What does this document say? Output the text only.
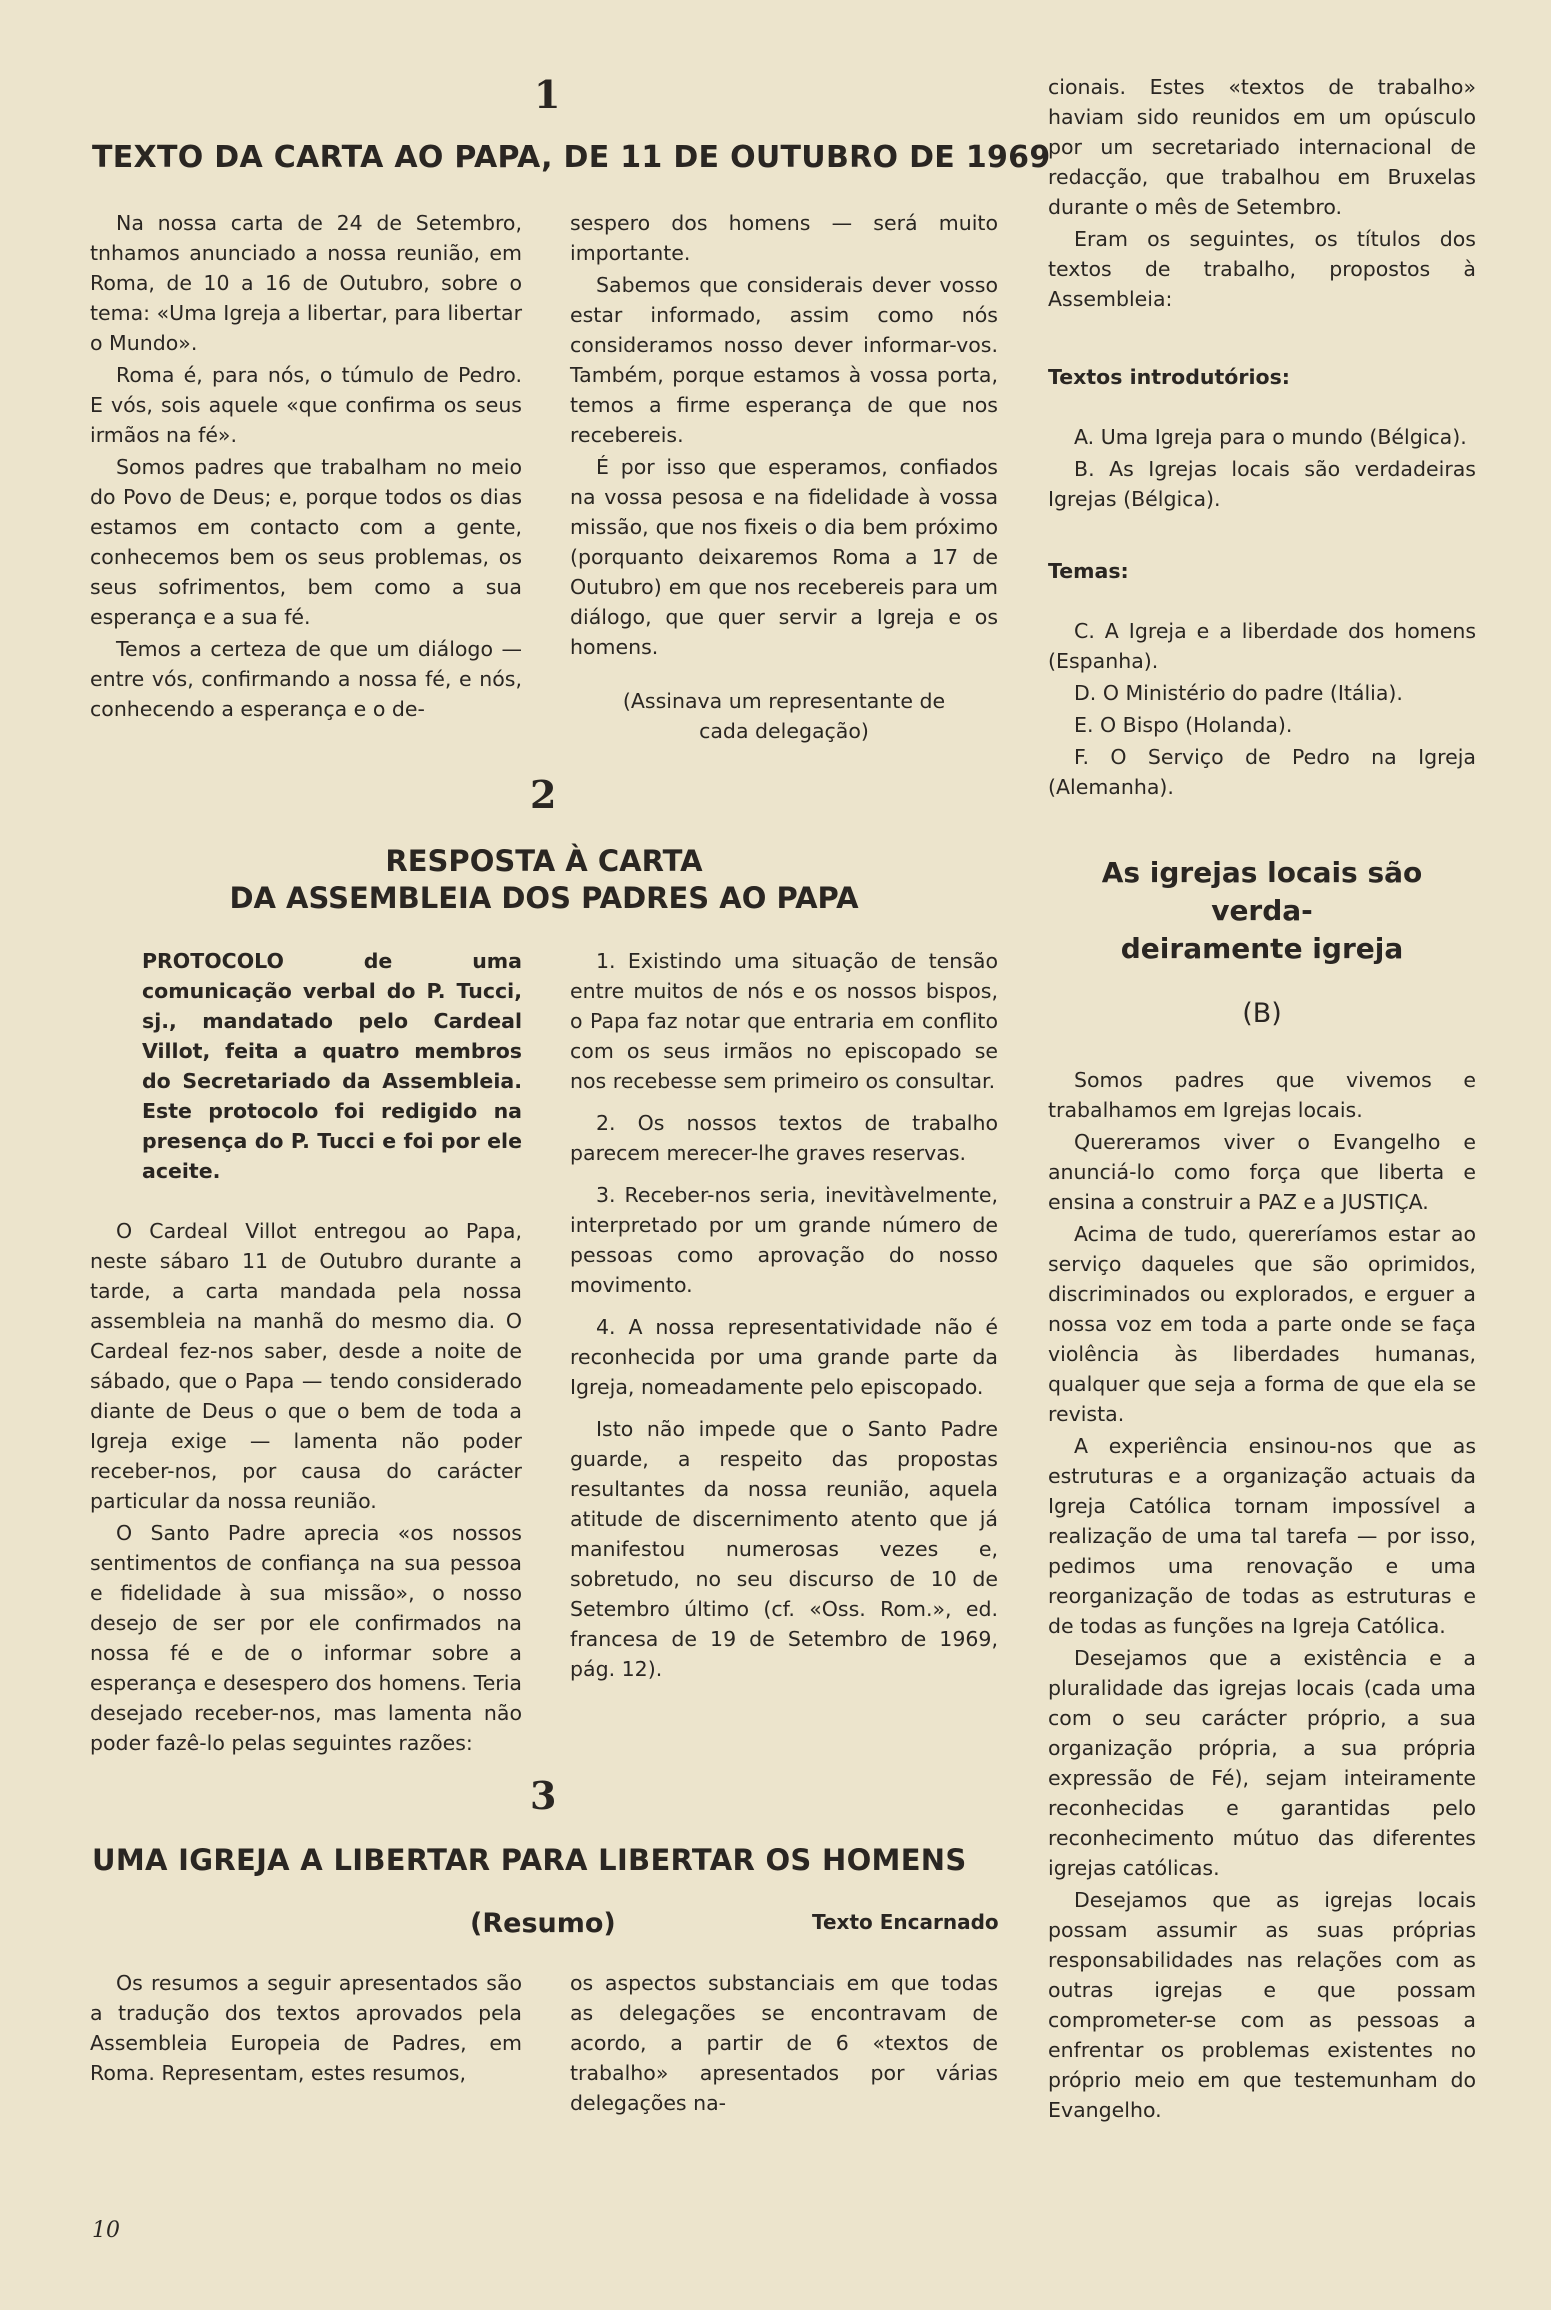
1
TEXTO DA CARTA AO PAPA, DE 11 DE OUTUBRO DE 1969

Na nossa carta de 24 de Setembro, tnhamos anunciado a nossa reunião, em Roma, de 10 a 16 de Outubro, sobre o tema: «Uma Igreja a libertar, para libertar o Mundo».

Roma é, para nós, o túmulo de Pedro. E vós, sois aquele «que confirma os seus irmãos na fé».

Somos padres que trabalham no meio do Povo de Deus; e, porque todos os dias estamos em contacto com a gente, conhecemos bem os seus problemas, os seus sofrimentos, bem como a sua esperança e a sua fé.

Temos a certeza de que um diálogo — entre vós, confirmando a nossa fé, e nós, conhecendo a esperança e o de-

sespero dos homens — será muito importante.

Sabemos que considerais dever vosso estar informado, assim como nós consideramos nosso dever informar-vos. Também, porque estamos à vossa porta, temos a firme esperança de que nos recebereis.

É por isso que esperamos, confiados na vossa pesosa e na fidelidade à vossa missão, que nos fixeis o dia bem próximo (porquanto deixaremos Roma a 17 de Outubro) em que nos recebereis para um diálogo, que quer servir a Igreja e os homens.

(Assinava um representante de cada delegação)

2
RESPOSTA À CARTA
DA ASSEMBLEIA DOS PADRES AO PAPA

PROTOCOLO de uma comunicação verbal do P. Tucci, sj., mandatado pelo Cardeal Villot, feita a quatro membros do Secretariado da Assembleia. Este protocolo foi redigido na presença do P. Tucci e foi por ele aceite.

O Cardeal Villot entregou ao Papa, neste sábaro 11 de Outubro durante a tarde, a carta mandada pela nossa assembleia na manhã do mesmo dia. O Cardeal fez-nos saber, desde a noite de sábado, que o Papa — tendo considerado diante de Deus o que o bem de toda a Igreja exige — lamenta não poder receber-nos, por causa do carácter particular da nossa reunião.

O Santo Padre aprecia «os nossos sentimentos de confiança na sua pessoa e fidelidade à sua missão», o nosso desejo de ser por ele confirmados na nossa fé e de o informar sobre a esperança e desespero dos homens. Teria desejado receber-nos, mas lamenta não poder fazê-lo pelas seguintes razões:

1. Existindo uma situação de tensão entre muitos de nós e os nossos bispos, o Papa faz notar que entraria em conflito com os seus irmãos no episcopado se nos recebesse sem primeiro os consultar.

2. Os nossos textos de trabalho parecem merecer-lhe graves reservas.

3. Receber-nos seria, inevitàvelmente, interpretado por um grande número de pessoas como aprovação do nosso movimento.

4. A nossa representatividade não é reconhecida por uma grande parte da Igreja, nomeadamente pelo episcopado.

Isto não impede que o Santo Padre guarde, a respeito das propostas resultantes da nossa reunião, aquela atitude de discernimento atento que já manifestou numerosas vezes e, sobretudo, no seu discurso de 10 de Setembro último (cf. «Oss. Rom.», ed. francesa de 19 de Setembro de 1969, pág. 12).

3
UMA IGREJA A LIBERTAR PARA LIBERTAR OS HOMENS
(Resumo)	Texto Encarnado

Os resumos a seguir apresentados são a tradução dos textos aprovados pela Assembleia Europeia de Padres, em Roma. Representam, estes resumos,

os aspectos substanciais em que todas as delegações se encontravam de acordo, a partir de 6 «textos de trabalho» apresentados por várias delegações na-

cionais. Estes «textos de trabalho» haviam sido reunidos em um opúsculo por um secretariado internacional de redacção, que trabalhou em Bruxelas durante o mês de Setembro.

Eram os seguintes, os títulos dos textos de trabalho, propostos à Assembleia:

Textos introdutórios:

A. Uma Igreja para o mundo (Bélgica).

B. As Igrejas locais são verdadeiras Igrejas (Bélgica).

Temas:

C. A Igreja e a liberdade dos homens (Espanha).

D. O Ministério do padre (Itália).

E. O Bispo (Holanda).

F. O Serviço de Pedro na Igreja (Alemanha).

As igrejas locais são verda-
deiramente igreja
(B)

Somos padres que vivemos e trabalhamos em Igrejas locais.

Quereramos viver o Evangelho e anunciá-lo como força que liberta e ensina a construir a PAZ e a JUSTIÇA.

Acima de tudo, quereríamos estar ao serviço daqueles que são oprimidos, discriminados ou explorados, e erguer a nossa voz em toda a parte onde se faça violência às liberdades humanas, qualquer que seja a forma de que ela se revista.

A experiência ensinou-nos que as estruturas e a organização actuais da Igreja Católica tornam impossível a realização de uma tal tarefa — por isso, pedimos uma renovação e uma reorganização de todas as estruturas e de todas as funções na Igreja Católica.

Desejamos que a existência e a pluralidade das igrejas locais (cada uma com o seu carácter próprio, a sua organização própria, a sua própria expressão de Fé), sejam inteiramente reconhecidas e garantidas pelo reconhecimento mútuo das diferentes igrejas católicas.

Desejamos que as igrejas locais possam assumir as suas próprias responsabilidades nas relações com as outras igrejas e que possam comprometer-se com as pessoas a enfrentar os problemas existentes no próprio meio em que testemunham do Evangelho.

10
